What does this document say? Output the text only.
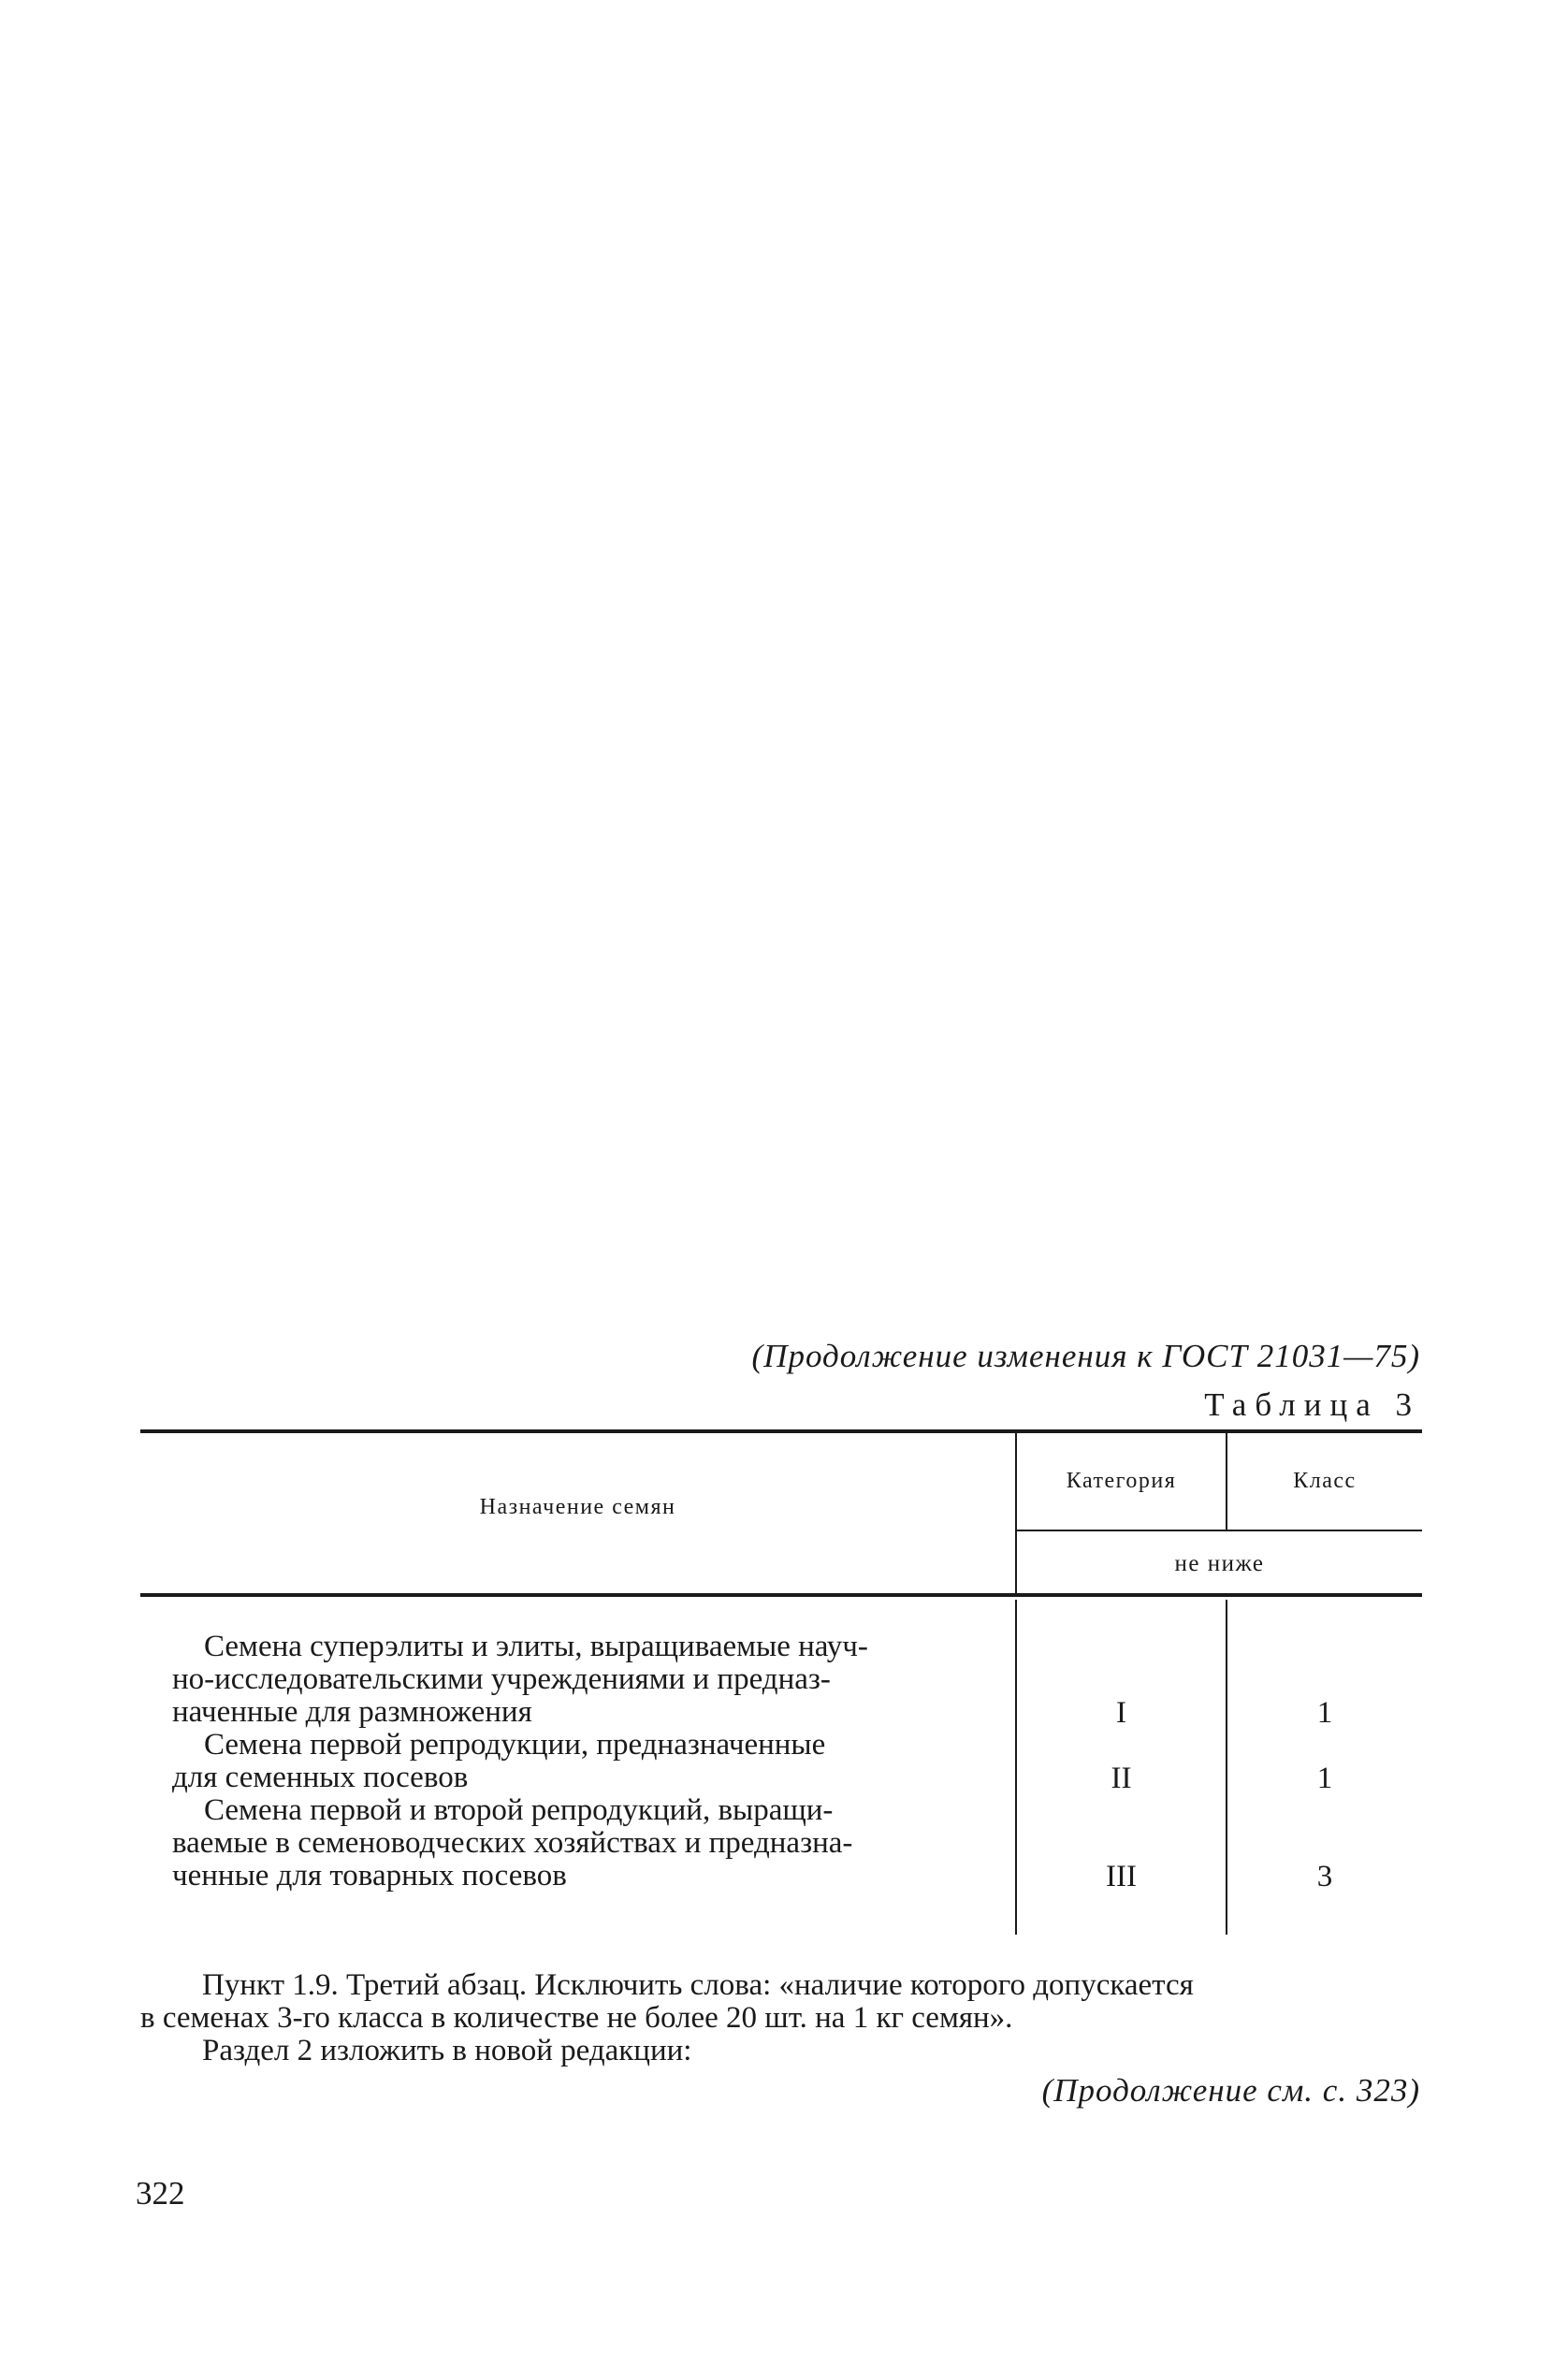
(Продолжение изменения к ГОСТ 21031—75)
Таблица 3
Назначение семян
Категория	Класс
не ниже
Семена суперэлиты и элиты, выращиваемые науч-
но-исследовательскими учреждениями и предназ-
наченные для размножения	I	1
Семена первой репродукции, предназначенные
для семенных посевов	II	1
Семена первой и второй репродукций, выращи-
ваемые в семеноводческих хозяйствах и предназна-
ченные для товарных посевов	III	3
Пункт 1.9. Третий абзац. Исключить слова: «наличие которого допускается
в семенах 3-го класса в количестве не более 20 шт. на 1 кг семян».
Раздел 2 изложить в новой редакции:
(Продолжение см. с. 323)
322
